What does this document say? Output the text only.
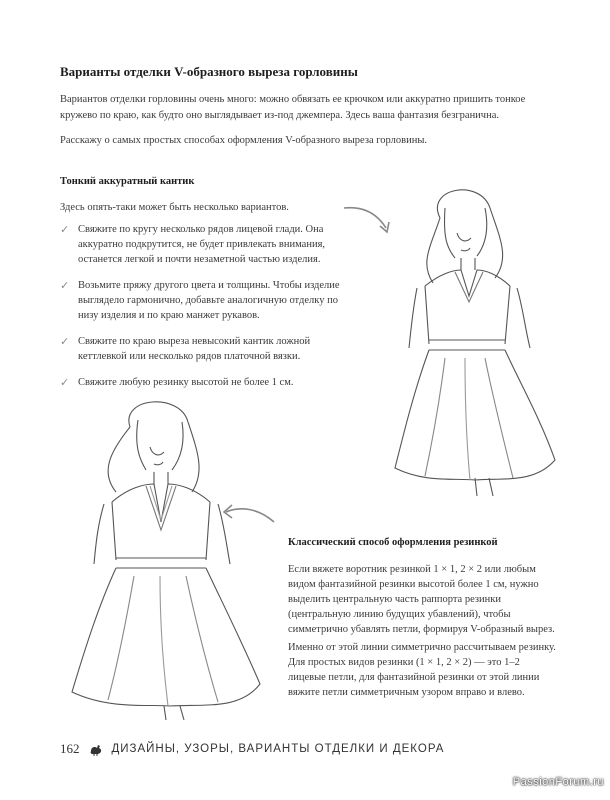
Варианты отделки V-образного выреза горловины
Вариантов отделки горловины очень много: можно обвязать ее крючком или аккуратно пришить тонкое кружево по краю, как будто оно выглядывает из-под джемпера. Здесь ваша фантазия безгранична.
Расскажу о самых простых способах оформления V-образного выреза горловины.
Тонкий аккуратный кантик
Здесь опять-таки может быть несколько вариантов.
✓ Свяжите по кругу несколько рядов лицевой глади. Она аккуратно подкрутится, не будет привлекать внимания, останется легкой и почти незаметной частью изделия.
✓ Возьмите пряжу другого цвета и толщины. Чтобы изделие выглядело гармонично, добавьте аналогичную отделку по низу изделия и по краю манжет рукавов.
✓ Свяжите по краю выреза невысокий кантик ложной кеттлевкой или несколько рядов платочной вязки.
✓ Свяжите любую резинку высотой не более 1 см.
Классический способ оформления резинкой
Если вяжете воротник резинкой 1 × 1, 2 × 2 или любым видом фантазийной резинки высотой более 1 см, нужно выделить центральную часть раппорта резинки (центральную линию будущих убавлений), чтобы симметрично убавлять петли, формируя V-образный вырез.
Именно от этой линии симметрично рассчитываем резинку. Для простых видов резинки (1 × 1, 2 × 2) — это 1–2 лицевые петли, для фантазийной резинки от этой линии вяжите петли симметричным узором вправо и влево.
162	ДИЗАЙНЫ, УЗОРЫ, ВАРИАНТЫ ОТДЕЛКИ И ДЕКОРА
PassionForum.ru
